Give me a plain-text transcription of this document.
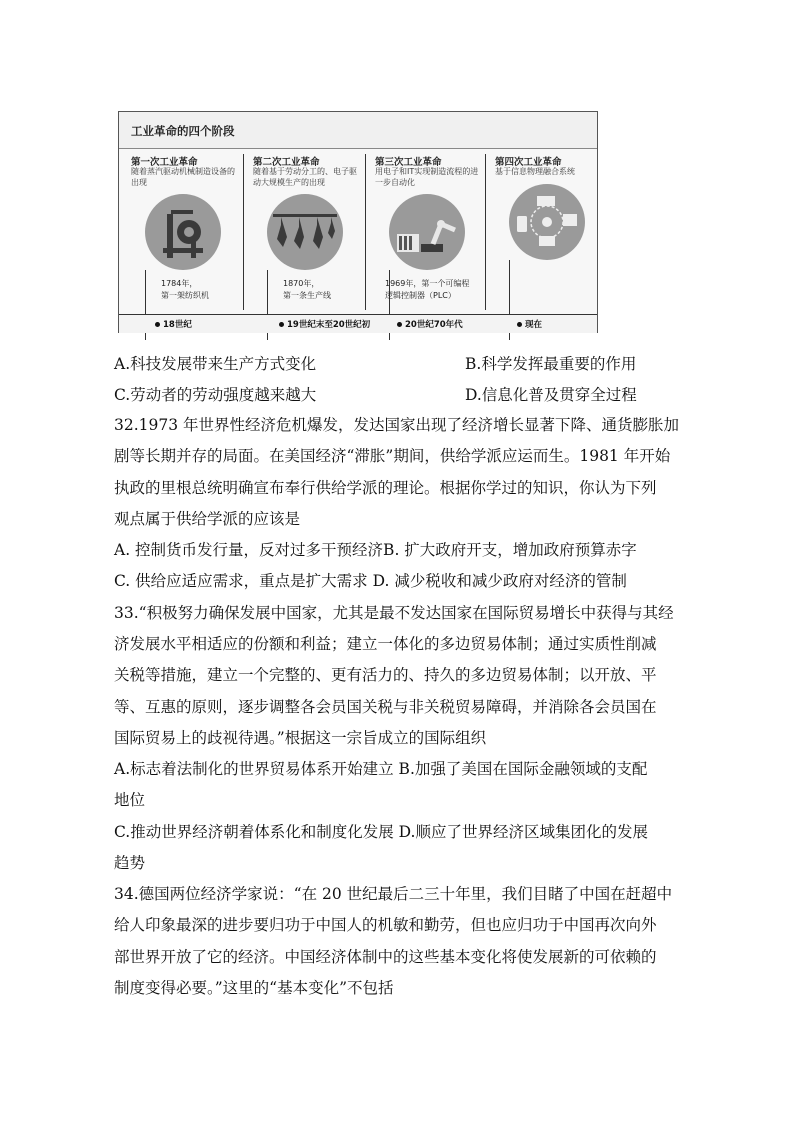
工业革命的四个阶段
第一次工业革命
随着蒸汽驱动机械制造设备的出现
1784年，
第一架纺织机
第二次工业革命
随着基于劳动分工的、电子驱动大规模生产的出现
1870年，
第一条生产线
第三次工业革命
用电子和IT实现制造流程的进一步自动化
1969年，第一个可编程
逻辑控制器（PLC）
第四次工业革命
基于信息物理融合系统
18世纪	19世纪末至20世纪初	20世纪70年代	现在
A.科技发展带来生产方式变化	B.科学发挥最重要的作用
C.劳动者的劳动强度越来越大	D.信息化普及贯穿全过程
32.1973 年世界性经济危机爆发，发达国家出现了经济增长显著下降、通货膨胀加
剧等长期并存的局面。在美国经济“滞胀”期间，供给学派应运而生。1981 年开始
执政的里根总统明确宣布奉行供给学派的理论。根据你学过的知识，你认为下列
观点属于供给学派的应该是
A. 控制货币发行量，反对过多干预经济B. 扩大政府开支，增加政府预算赤字
C. 供给应适应需求，重点是扩大需求 D. 减少税收和减少政府对经济的管制
33.“积极努力确保发展中国家，尤其是最不发达国家在国际贸易增长中获得与其经
济发展水平相适应的份额和利益；建立一体化的多边贸易体制；通过实质性削减
关税等措施，建立一个完整的、更有活力的、持久的多边贸易体制；以开放、平
等、互惠的原则，逐步调整各会员国关税与非关税贸易障碍，并消除各会员国在
国际贸易上的歧视待遇。”根据这一宗旨成立的国际组织
A.标志着法制化的世界贸易体系开始建立 B.加强了美国在国际金融领域的支配
地位
C.推动世界经济朝着体系化和制度化发展 D.顺应了世界经济区域集团化的发展
趋势
34.德国两位经济学家说：“在 20 世纪最后二三十年里，我们目睹了中国在赶超中
给人印象最深的进步要归功于中国人的机敏和勤劳，但也应归功于中国再次向外
部世界开放了它的经济。中国经济体制中的这些基本变化将使发展新的可依赖的
制度变得必要。”这里的“基本变化”不包括
